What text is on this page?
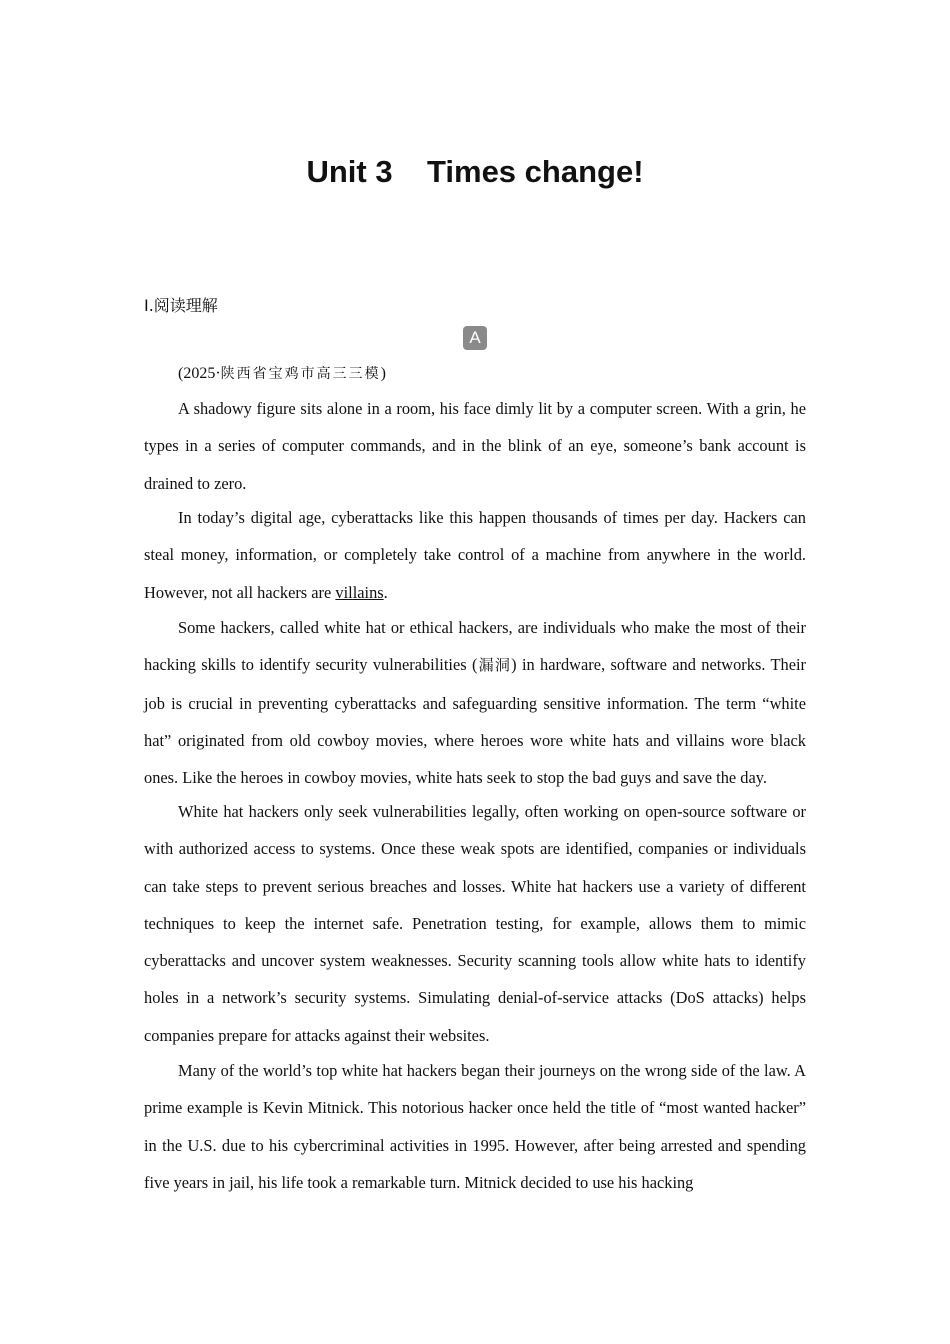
Unit 3    Times change!
Ⅰ.阅读理解
A
(2025·陕西省宝鸡市高三三模)

A shadowy figure sits alone in a room, his face dimly lit by a computer screen. With a grin, he types in a series of computer commands, and in the blink of an eye, someone’s bank account is drained to zero.

In today’s digital age, cyberattacks like this happen thousands of times per day. Hackers can steal money, information, or completely take control of a machine from anywhere in the world. However, not all hackers are villains.

Some hackers, called white hat or ethical hackers, are individuals who make the most of their hacking skills to identify security vulnerabilities (漏洞) in hardware, software and networks. Their job is crucial in preventing cyberattacks and safeguarding sensitive information. The term “white hat” originated from old cowboy movies, where heroes wore white hats and villains wore black ones. Like the heroes in cowboy movies, white hats seek to stop the bad guys and save the day.

White hat hackers only seek vulnerabilities legally, often working on open-source software or with authorized access to systems. Once these weak spots are identified, companies or individuals can take steps to prevent serious breaches and losses. White hat hackers use a variety of different techniques to keep the internet safe. Penetration testing, for example, allows them to mimic cyberattacks and uncover system weaknesses. Security scanning tools allow white hats to identify holes in a network’s security systems. Simulating denial-of-service attacks (DoS attacks) helps companies prepare for attacks against their websites.

Many of the world’s top white hat hackers began their journeys on the wrong side of the law. A prime example is Kevin Mitnick. This notorious hacker once held the title of “most wanted hacker” in the U.S. due to his cybercriminal activities in 1995. However, after being arrested and spending five years in jail, his life took a remarkable turn. Mitnick decided to use his hacking
